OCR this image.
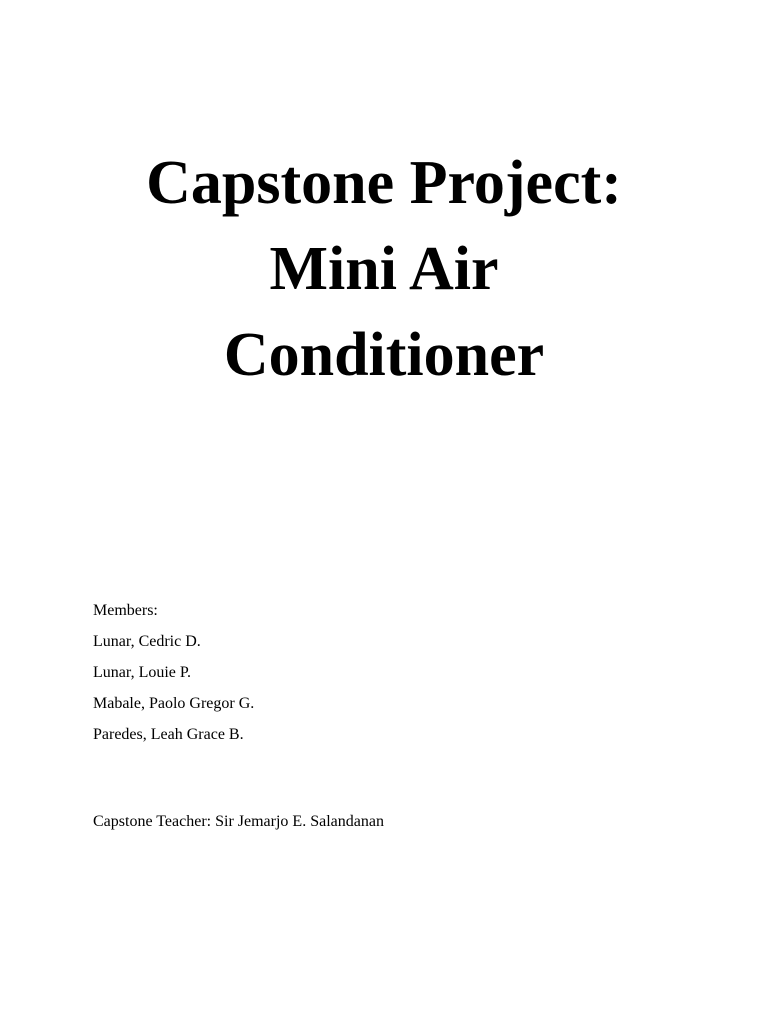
Capstone Project:
Mini Air
Conditioner
Members:
Lunar, Cedric D.
Lunar, Louie P.
Mabale, Paolo Gregor G.
Paredes, Leah Grace B.
Capstone Teacher: Sir Jemarjo E. Salandanan
